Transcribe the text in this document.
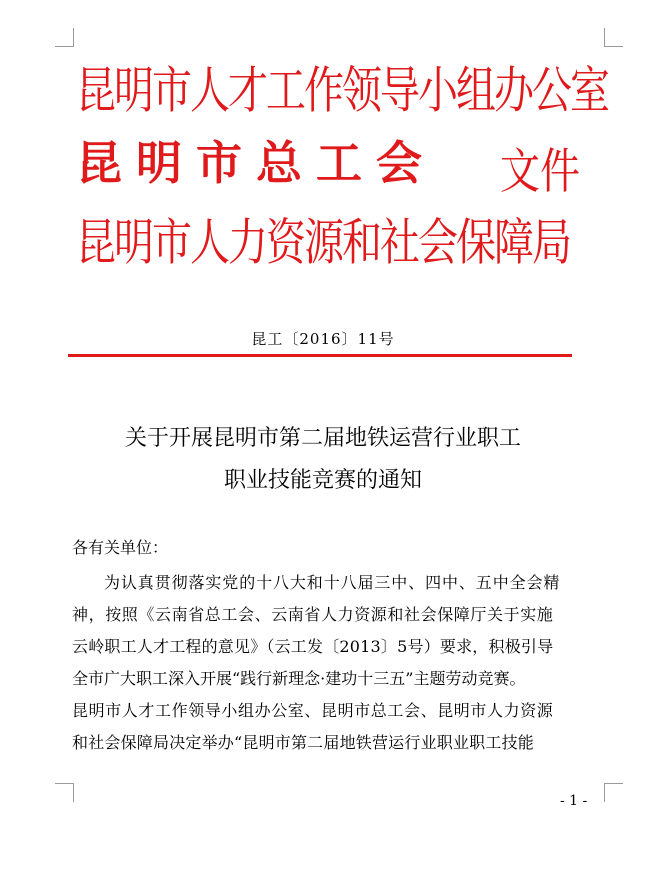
昆明市人才工作领导小组办公室
昆明市总工会 文件
昆明市人力资源和社会保障局
昆工〔2016〕11号
关于开展昆明市第二届地铁运营行业职工
职业技能竞赛的通知
各有关单位：
为认真贯彻落实党的十八大和十八届三中、四中、五中全会精
神，按照《云南省总工会、云南省人力资源和社会保障厅关于实施
云岭职工人才工程的意见》（云工发〔2013〕5号）要求，积极引导
全市广大职工深入开展“践行新理念·建功十三五”主题劳动竞赛。
昆明市人才工作领导小组办公室、昆明市总工会、昆明市人力资源
和社会保障局决定举办“昆明市第二届地铁营运行业职业职工技能
- 1 -
